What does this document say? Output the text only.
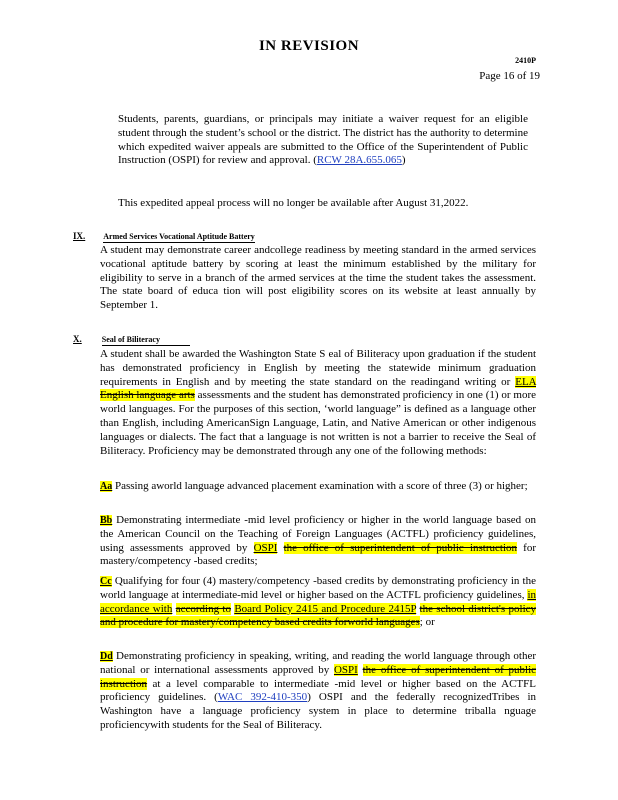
IN REVISION
2410P
Page 16 of 19
Students, parents, guardians, or principals may initiate a waiver request for an eligible student through the student’s school or the district. The district has the authority to determine which expedited waiver appeals are submitted to the Office of the Superintendent of Public Instruction (OSPI) for review and approval. (RCW 28A.655.065)
This expedited appeal process will no longer be available after August 31,2022.
IX. Armed Services Vocational Aptitude Battery
A student may demonstrate career andcollege readiness by meeting standard in the armed services vocational aptitude battery by scoring at least the minimum established by the military for eligibility to serve in a branch of the armed services at the time the student takes the assessment. The state board of educa tion will post eligibility scores on its website at least annually by September 1.
X.	Seal of Biliteracy
A student shall be awarded the Washington State S eal of Biliteracy upon graduation if the student has demonstrated proficiency in English by meeting the statewide minimum graduation requirements in English and by meeting the state standard on the readingand writing or ELA English language arts assessments and the student has demonstrated proficiency in one (1) or more world languages. For the purposes of this section, ‘world language” is defined as a language other than English, including AmericanSign Language, Latin, and Native American or other indigenous languages or dialects. The fact that a language is not written is not a barrier to receive the Seal of Biliteracy. Proficiency may be demonstrated through any one of the following methods:
Aa Passing aworld language advanced placement examination with a score of three (3) or higher;
Bb Demonstrating intermediate -mid level proficiency or higher in the world language based on the American Council on the Teaching of Foreign Languages (ACTFL) proficiency guidelines, using assessments approved by OSPI the office of superintendent of public instruction for mastery/competency -based credits;
Cc Qualifying for four (4) mastery/competency -based credits by demonstrating proficiency in the world language at intermediate-mid level or higher based on the ACTFL proficiency guidelines, in accordance with according to Board Policy 2415 and Procedure 2415P the school district's policy and procedure for mastery/competency based credits forworld languages; or
Dd Demonstrating proficiency in speaking, writing, and reading the world language through other national or international assessments approved by OSPI the office of superintendent of public instruction at a level comparable to intermediate -mid level or higher based on the ACTFL proficiency guidelines. (WAC 392-410-350) OSPI and the federally recognizedTribes in Washington have a language proficiency system in place to determine triballa nguage proficiencywith students for the Seal of Biliteracy.
